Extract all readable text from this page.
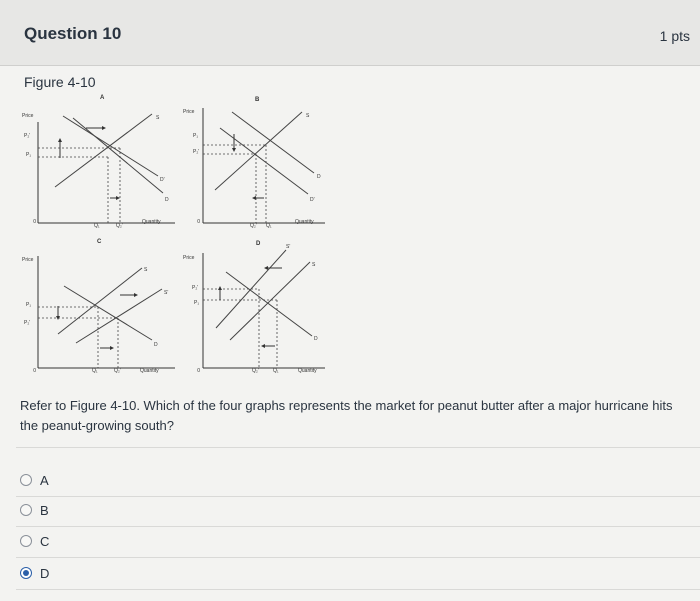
Question 10	1 pts
Figure 4-10
A
Price
0	Quantity
S
D'
D
P₂'
P₁
Q₁	Q₂'
B
Price
0	Quantity
S
D
D'
P₁
P₂'
Q₂' Q₁
C
Price
0	Quantity
S
S'
D
P₁
P₂'
Q₁	Q₂'
D
Price
0	Quantity
S'
S
D
P₂'
P₁
Q₂'	Q₁
Refer to Figure 4-10. Which of the four graphs represents the market for peanut butter after a major hurricane hits the peanut-growing south?
A
B
C
D
